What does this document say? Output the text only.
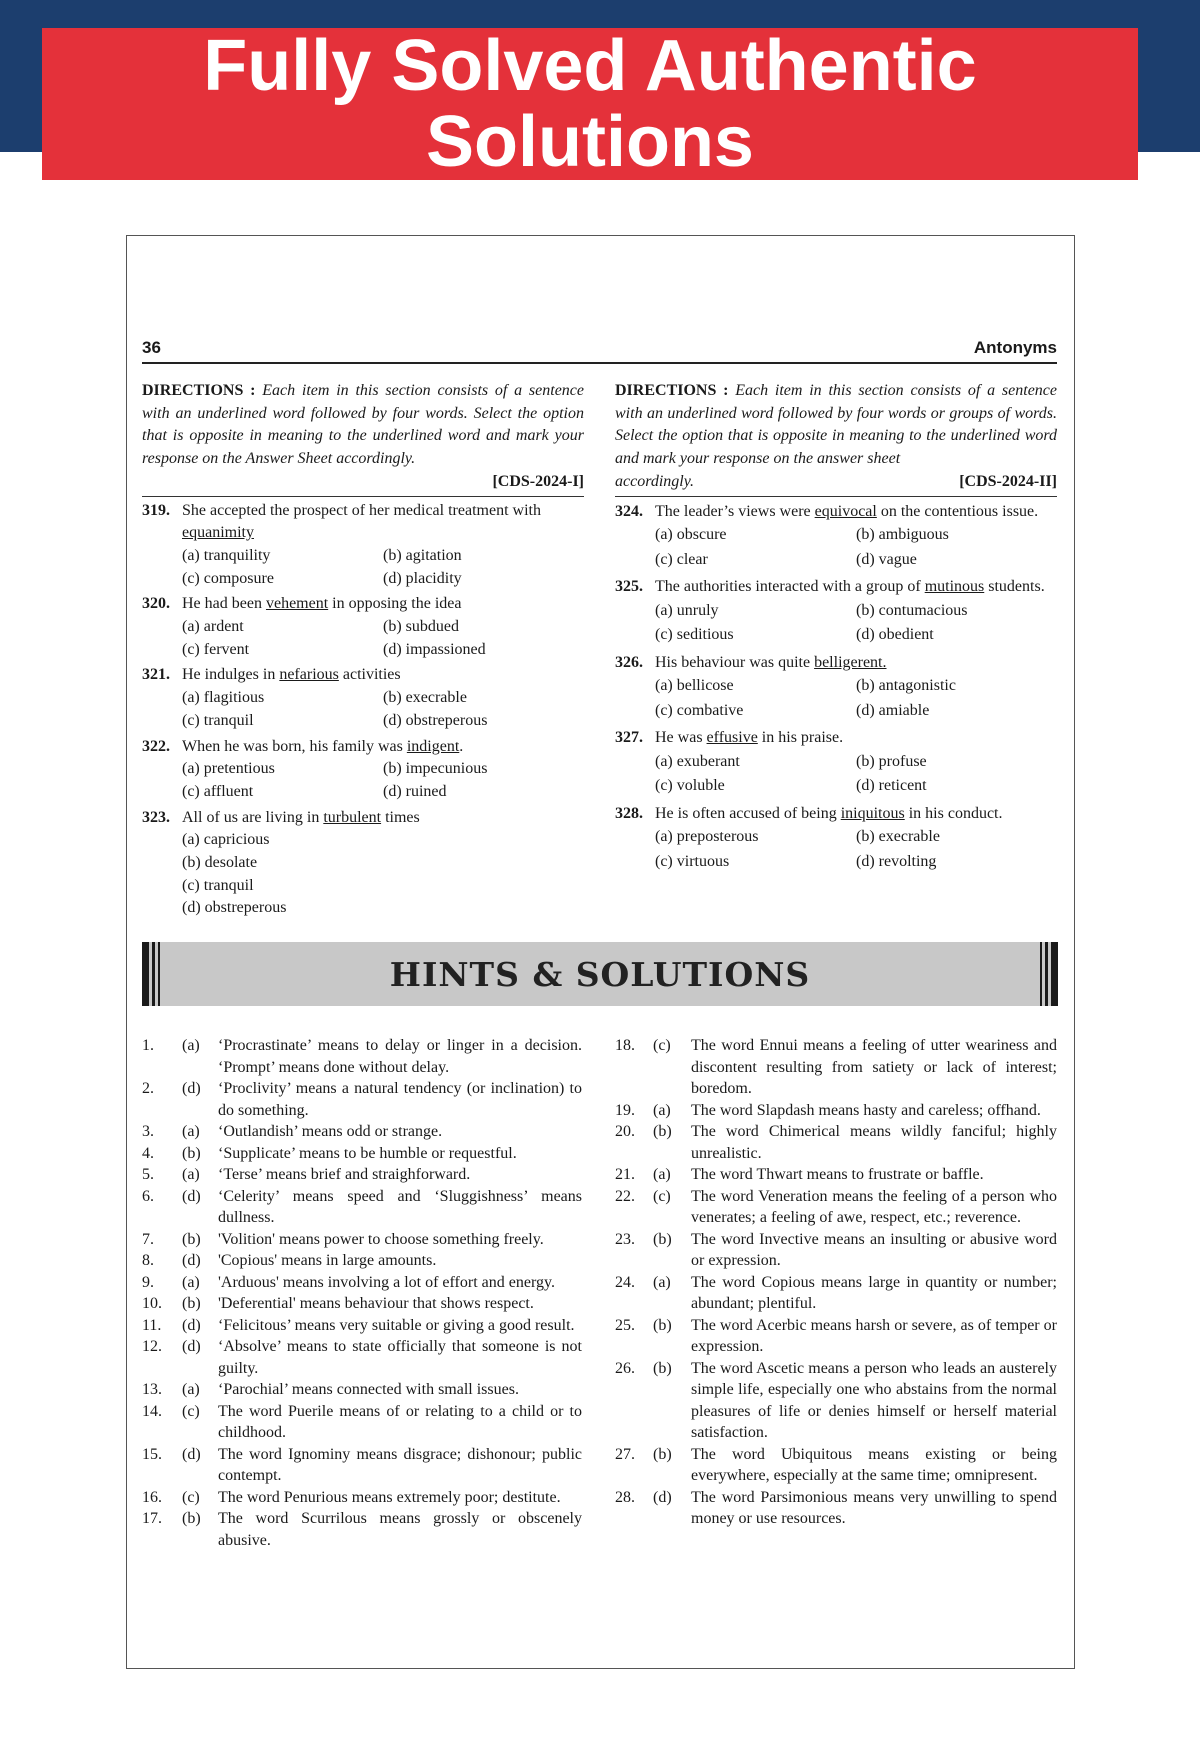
Fully Solved Authentic
Solutions
36	Antonyms
DIRECTIONS : Each item in this section consists of a sentence with an underlined word followed by four words. Select the option that is opposite in meaning to the underlined word and mark your response on the Answer Sheet accordingly.
[CDS-2024-I]
319. She accepted the prospect of her medical treatment with equanimity
(a) tranquility	(b) agitation
(c) composure	(d) placidity
320. He had been vehement in opposing the idea
(a) ardent	(b) subdued
(c) fervent	(d) impassioned
321. He indulges in nefarious activities
(a) flagitious	(b) execrable
(c) tranquil	(d) obstreperous
322. When he was born, his family was indigent.
(a) pretentious	(b) impecunious
(c) affluent	(d) ruined
323. All of us are living in turbulent times
(a) capricious
(b) desolate
(c) tranquil
(d) obstreperous
DIRECTIONS : Each item in this section consists of a sentence with an underlined word followed by four words or groups of words. Select the option that is opposite in meaning to the underlined word and mark your response on the answer sheet
accordingly.	[CDS-2024-II]
324. The leader’s views were equivocal on the contentious issue.
(a) obscure	(b) ambiguous
(c) clear	(d) vague
325. The authorities interacted with a group of mutinous students.
(a) unruly	(b) contumacious
(c) seditious	(d) obedient
326. His behaviour was quite belligerent.
(a) bellicose	(b) antagonistic
(c) combative	(d) amiable
327. He was effusive in his praise.
(a) exuberant	(b) profuse
(c) voluble	(d) reticent
328. He is often accused of being iniquitous in his conduct.
(a) preposterous	(b) execrable
(c) virtuous	(d) revolting
HINTS & SOLUTIONS
1. (a) ‘Procrastinate’ means to delay or linger in a decision. ‘Prompt’ means done without delay.
2. (d) ‘Proclivity’ means a natural tendency (or inclination) to do something.
3. (a) ‘Outlandish’ means odd or strange.
4. (b) ‘Supplicate’ means to be humble or requestful.
5. (a) ‘Terse’ means brief and straighforward.
6. (d) ‘Celerity’ means speed and ‘Sluggishness’ means dullness.
7. (b) 'Volition' means power to choose something freely.
8. (d) 'Copious' means in large amounts.
9. (a) 'Arduous' means involving a lot of effort and energy.
10. (b) 'Deferential' means behaviour that shows respect.
11. (d) ‘Felicitous’ means very suitable or giving a good result.
12. (d) ‘Absolve’ means to state officially that someone is not guilty.
13. (a) ‘Parochial’ means connected with small issues.
14. (c) The word Puerile means of or relating to a child or to childhood.
15. (d) The word Ignominy means disgrace; dishonour; public contempt.
16. (c) The word Penurious means extremely poor; destitute.
17. (b) The word Scurrilous means grossly or obscenely abusive.
18. (c) The word Ennui means a feeling of utter weariness and discontent resulting from satiety or lack of interest; boredom.
19. (a) The word Slapdash means hasty and careless; offhand.
20. (b) The word Chimerical means wildly fanciful; highly unrealistic.
21. (a) The word Thwart means to frustrate or baffle.
22. (c) The word Veneration means the feeling of a person who venerates; a feeling of awe, respect, etc.; reverence.
23. (b) The word Invective means an insulting or abusive word or expression.
24. (a) The word Copious means large in quantity or number; abundant; plentiful.
25. (b) The word Acerbic means harsh or severe, as of temper or expression.
26. (b) The word Ascetic means a person who leads an austerely simple life, especially one who abstains from the normal pleasures of life or denies himself or herself material satisfaction.
27. (b) The word Ubiquitous means existing or being everywhere, especially at the same time; omnipresent.
28. (d) The word Parsimonious means very unwilling to spend money or use resources.
